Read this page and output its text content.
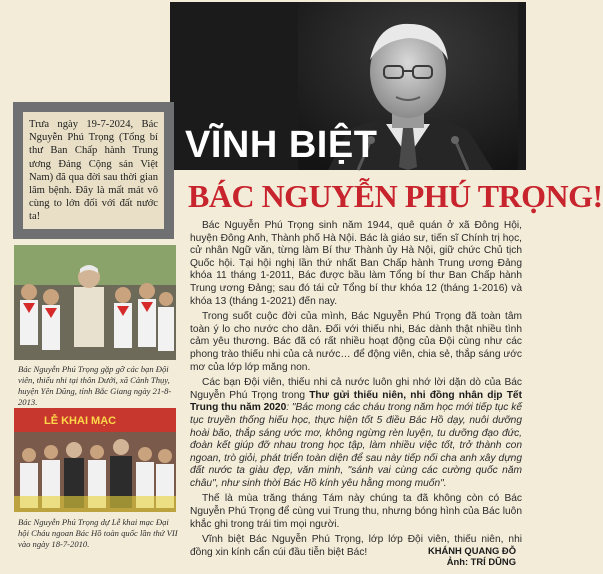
VĨNH BIỆT
BÁC NGUYỄN PHÚ TRỌNG!
Trưa ngày 19-7-2024, Bác Nguyễn Phú Trọng (Tổng bí thư Ban Chấp hành Trung ương Đảng Cộng sản Việt Nam) đã qua đời sau thời gian lâm bệnh. Đây là mất mát vô cùng to lớn đối với đất nước ta!
Bác Nguyễn Phú Trọng gặp gỡ các bạn Đội viên, thiếu nhi tại thôn Dưới, xã Cảnh Thụy, huyện Yên Dũng, tỉnh Bắc Giang ngày 21-8-2013.
LỄ KHAI MẠC
Bác Nguyễn Phú Trọng dự Lễ khai mạc Đại hội Cháu ngoan Bác Hồ toàn quốc lần thứ VII vào ngày 18-7-2010.

Bác Nguyễn Phú Trọng sinh năm 1944, quê quán ở xã Đông Hội, huyện Đông Anh, Thành phố Hà Nội. Bác là giáo sư, tiến sĩ Chính trị học, cử nhân Ngữ văn, từng làm Bí thư Thành ủy Hà Nội, giữ chức Chủ tịch Quốc hội. Tại hội nghị lần thứ nhất Ban Chấp hành Trung ương Đảng khóa 11 tháng 1-2011, Bác được bầu làm Tổng bí thư Ban Chấp hành Trung ương Đảng; sau đó tái cử Tổng bí thư khóa 12 (tháng 1-2016) và khóa 13 (tháng 1-2021) đến nay.

Trong suốt cuộc đời của mình, Bác Nguyễn Phú Trọng đã toàn tâm toàn ý lo cho nước cho dân. Đối với thiếu nhi, Bác dành thật nhiều tình cảm yêu thương. Bác đã có rất nhiều hoạt động của Đội cùng như các phong trào thiếu nhi của cả nước… để động viên, chia sẻ, thắp sáng ước mơ của lớp lớp măng non.

Các bạn Đội viên, thiếu nhi cả nước luôn ghi nhớ lời dặn dò của Bác Nguyễn Phú Trọng trong Thư gửi thiếu niên, nhi đồng nhân dịp Tết Trung thu năm 2020: "Bác mong các cháu trong năm học mới tiếp tục kế tục truyền thống hiếu học, thực hiện tốt 5 điều Bác Hồ dạy, nuôi dưỡng hoài bão, thắp sáng ước mơ, không ngừng rèn luyện, tu dưỡng đạo đức, đoàn kết giúp đỡ nhau trong học tập, làm nhiều việc tốt, trở thành con ngoan, trò giỏi, phát triển toàn diện để sau này tiếp nối cha anh xây dựng đất nước ta giàu đẹp, văn minh, "sánh vai cùng các cường quốc năm châu", như sinh thời Bác Hồ kính yêu hằng mong muốn".

Thế là mùa trăng tháng Tám này chúng ta đã không còn có Bác Nguyễn Phú Trọng để cùng vui Trung thu, nhưng bóng hình của Bác luôn khắc ghi trong trái tim mọi người.

Vĩnh biệt Bác Nguyễn Phú Trọng, lớp lớp Đội viên, thiếu niên, nhi đồng xin kính cẩn cúi đầu tiễn biệt Bác!	KHÁNH QUANG ĐỖ
Ảnh: TRÍ DŨNG
